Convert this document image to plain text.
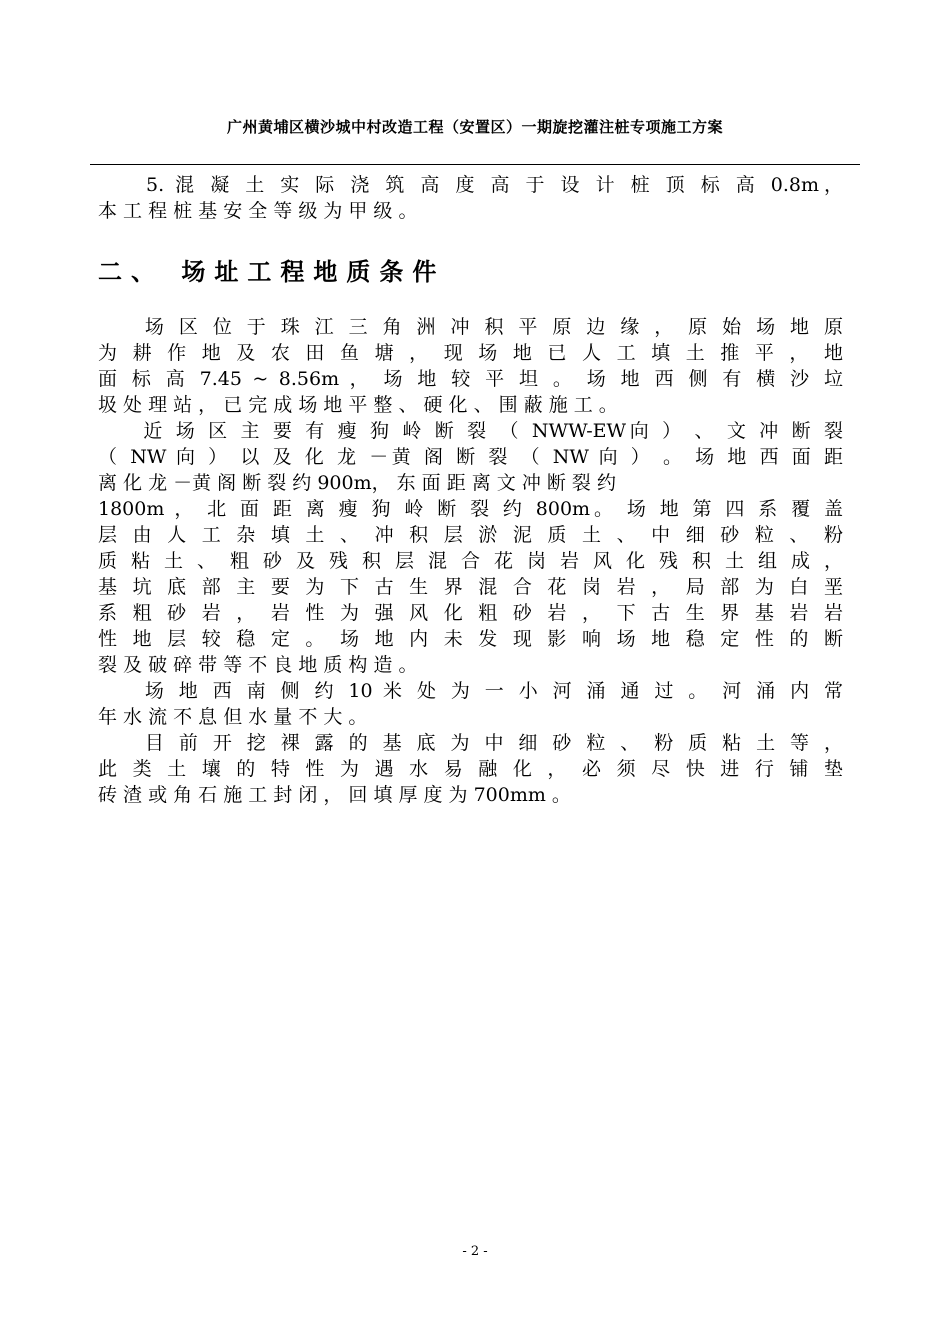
广州黄埔区横沙城中村改造工程（安置区）一期旋挖灌注桩专项施工方案
　　5. 混 凝 土 实 际 浇 筑 高 度 高 于 设 计 桩 顶 标 高 0.8m，
本 工 程 桩 基 安 全 等 级 为 甲 级 。
二、 场址工程地质条件
　　场 区 位 于 珠 江 三 角 洲 冲 积 平 原 边 缘 ， 原 始 场 地 原
为 耕 作 地 及 农 田 鱼 塘 ， 现 场 地 已 人 工 填 土 推 平 ， 地
面 标 高 7.45 ~ 8.56m ， 场 地 较 平 坦 。 场 地 西 侧 有 横 沙 垃
圾 处 理 站 ， 已 完 成 场 地 平 整 、 硬 化 、 围 蔽 施 工 。
　　近 场 区 主 要 有 瘦 狗 岭 断 裂 （ NWW-EW向 ） 、 文 冲 断 裂
（ NW 向 ） 以 及 化 龙 －黄 阁 断 裂 （ NW 向 ） 。 场 地 西 面 距
离 化 龙 －黄 阁 断 裂 约 900m， 东 面 距 离 文 冲 断 裂 约
1800m ， 北 面 距 离 瘦 狗 岭 断 裂 约 800m。 场 地 第 四 系 覆 盖
层 由 人 工 杂 填 土 、 冲 积 层 淤 泥 质 土 、 中 细 砂 粒 、 粉
质 粘 土 、 粗 砂 及 残 积 层 混 合 花 岗 岩 风 化 残 积 土 组 成 ，
基 坑 底 部 主 要 为 下 古 生 界 混 合 花 岗 岩 ， 局 部 为 白 垩
系 粗 砂 岩 ， 岩 性 为 强 风 化 粗 砂 岩 ， 下 古 生 界 基 岩 岩
性 地 层 较 稳 定 。 场 地 内 未 发 现 影 响 场 地 稳 定 性 的 断
裂 及 破 碎 带 等 不 良 地 质 构 造 。
　　场 地 西 南 侧 约 10 米 处 为 一 小 河 涌 通 过 。 河 涌 内 常
年 水 流 不 息 但 水 量 不 大 。
　　目 前 开 挖 裸 露 的 基 底 为 中 细 砂 粒 、 粉 质 粘 土 等 ，
此 类 土 壤 的 特 性 为 遇 水 易 融 化 ， 必 须 尽 快 进 行 铺 垫
砖 渣 或 角 石 施 工 封 闭 ， 回 填 厚 度 为 700mm 。
- 2 -
